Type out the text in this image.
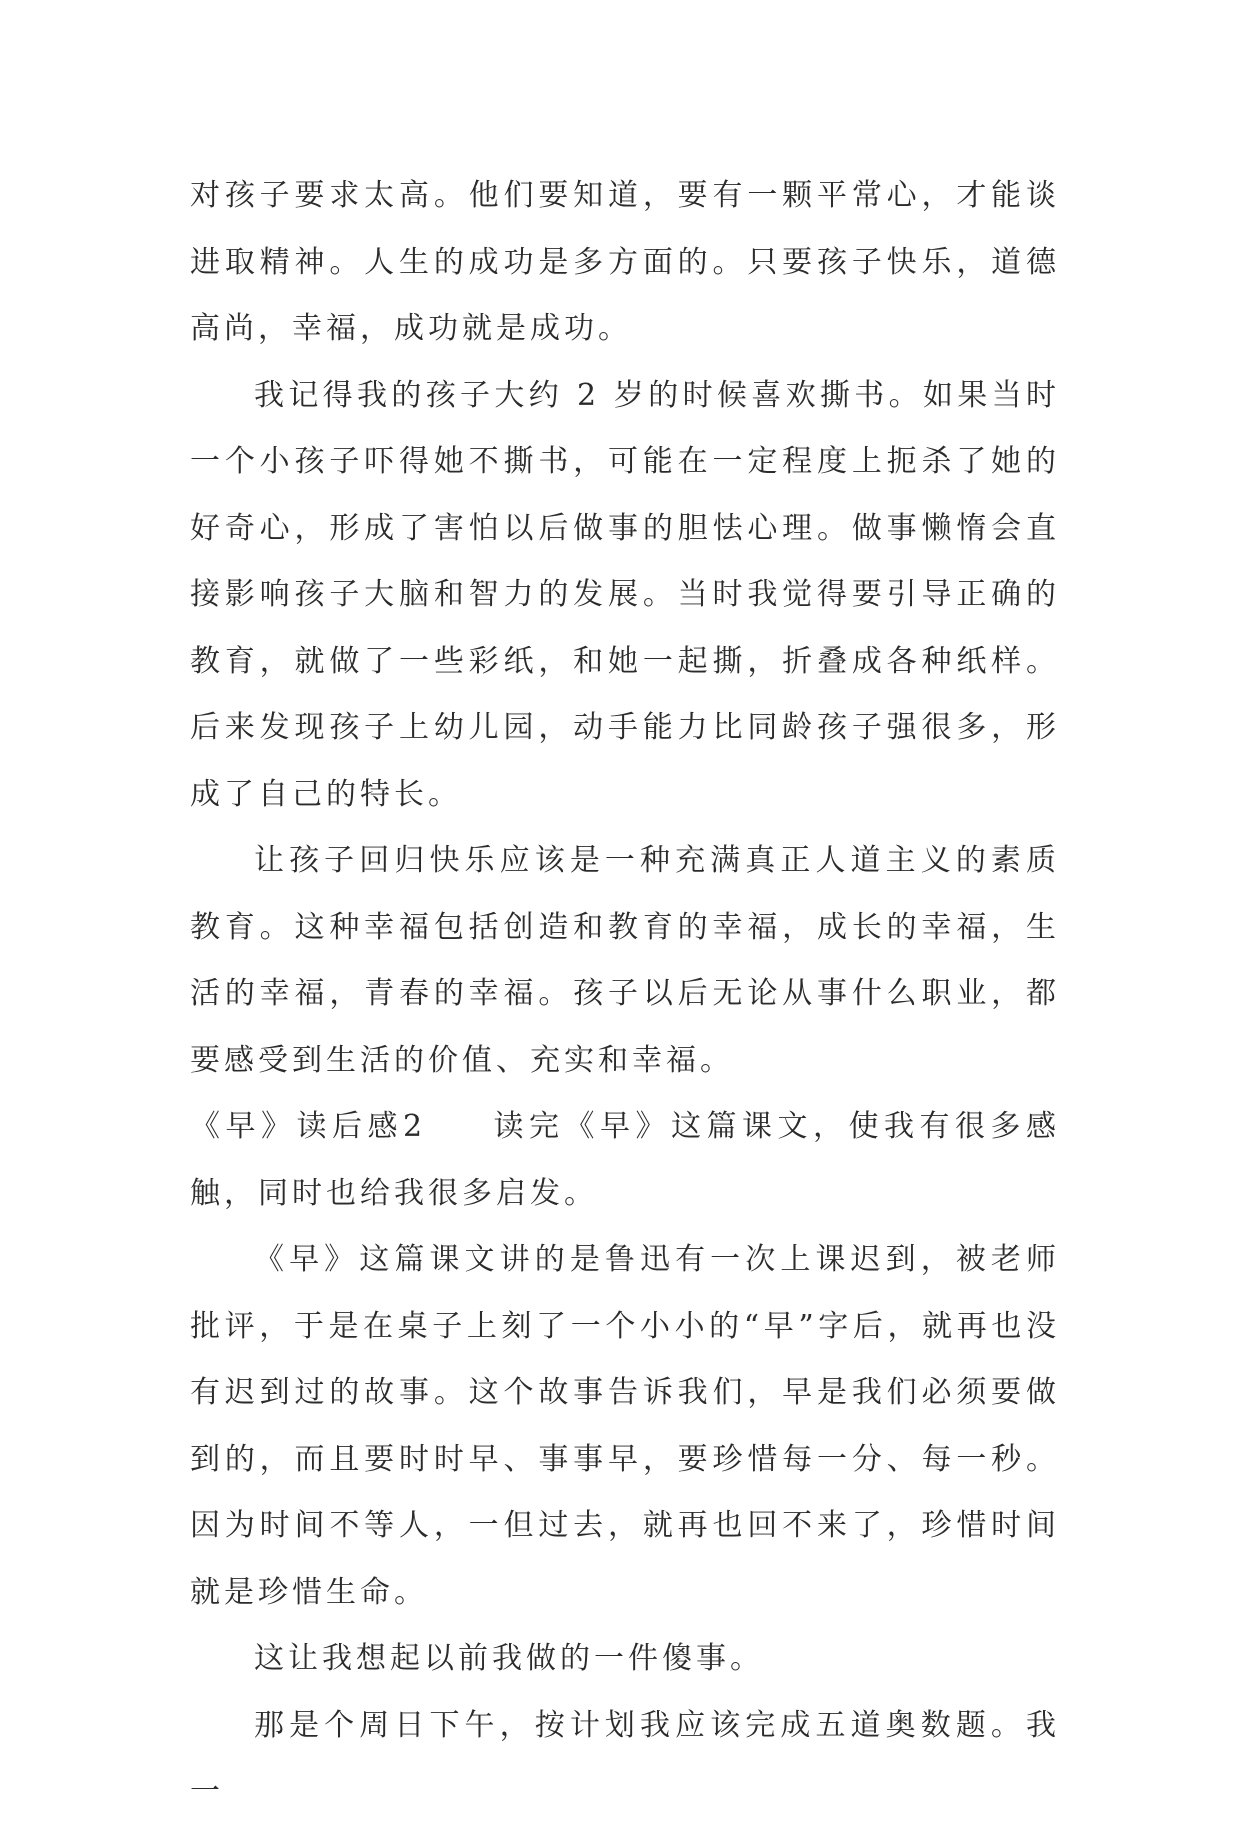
对孩子要求太高。他们要知道，要有一颗平常心，才能谈进取精神。人生的成功是多方面的。只要孩子快乐，道德高尚，幸福，成功就是成功。

我记得我的孩子大约 2 岁的时候喜欢撕书。如果当时一个小孩子吓得她不撕书，可能在一定程度上扼杀了她的好奇心，形成了害怕以后做事的胆怯心理。做事懒惰会直接影响孩子大脑和智力的发展。当时我觉得要引导正确的教育，就做了一些彩纸，和她一起撕，折叠成各种纸样。后来发现孩子上幼儿园，动手能力比同龄孩子强很多，形成了自己的特长。

让孩子回归快乐应该是一种充满真正人道主义的素质教育。这种幸福包括创造和教育的幸福，成长的幸福，生活的幸福，青春的幸福。孩子以后无论从事什么职业，都要感受到生活的价值、充实和幸福。

《早》读后感2 读完《早》这篇课文，使我有很多感触，同时也给我很多启发。

《早》这篇课文讲的是鲁迅有一次上课迟到，被老师批评，于是在桌子上刻了一个小小的“早”字后，就再也没有迟到过的故事。这个故事告诉我们，早是我们必须要做到的，而且要时时早、事事早，要珍惜每一分、每一秒。因为时间不等人，一但过去，就再也回不来了，珍惜时间就是珍惜生命。

这让我想起以前我做的一件傻事。

那是个周日下午，按计划我应该完成五道奥数题。我一
